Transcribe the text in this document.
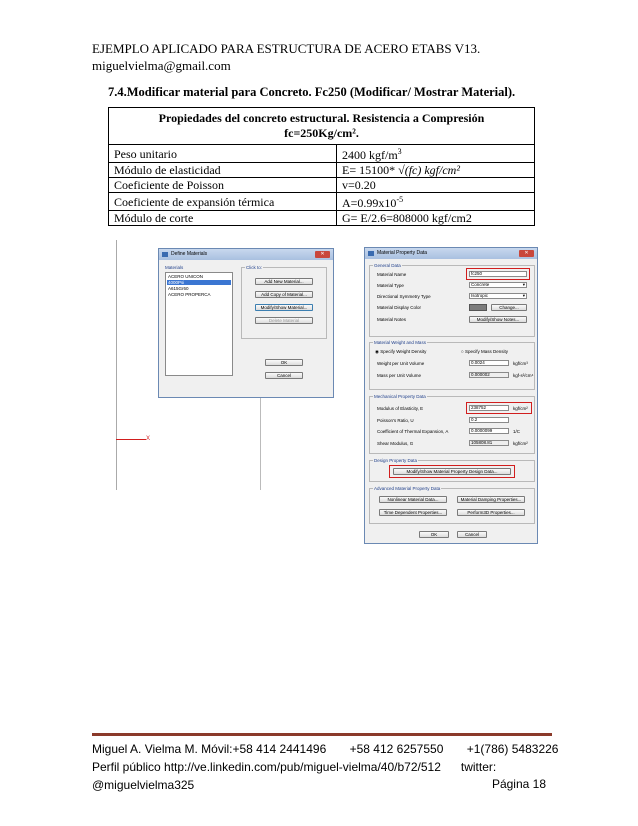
EJEMPLO APLICADO PARA ESTRUCTURA DE ACERO ETABS V13.
miguelvielma@gmail.com
7.4.Modificar material para Concreto. Fc250 (Modificar/ Mostrar Material).
Propiedades del concreto estructural. Resistencia a Compresión
fc=250Kg/cm².	
Peso unitario	2400 kgf/$m^3$
Módulo de elasticidad	E= 15100* √(fc) kgf/cm²
Coeficiente de Poisson	v=0.20
Coeficiente de expansión térmica	$A=0.99x10^{-5}$
Módulo de corte	G= E/2.6=808000 kgf/cm2
X
Define Materials	✕
Materials
ACERO UNICON
4000Psi
A615Gr60
ACERO PROPERCA
Click to:
Add New Material...
Add Copy of Material...
Modify/Show Material...
Delete Material
OK
Cancel
Material Property Data	✕
General Data
Material Name	fc250
Material Type	Concrete	▾
Directional Symmetry Type	Isotropic	▾
Material Display Color	Change...
Material Notes	Modify/Show Notes...
Material Weight and Mass
◉ Specify Weight Density	○ Specify Mass Density
Weight per Unit Volume	0.0024	kgf/cm³
Mass per Unit Volume	0.000002	kgf-s²/cm⁴
Mechanical Property Data
Modulus of Elasticity, E	238752	kgf/cm²
Poisson's Ratio, U	0.2
Coefficient of Thermal Expansion, A	0.0000099	1/C
Shear Modulus, G	105808.81	kgf/cm²
Design Property Data
Modify/Show Material Property Design Data...
Advanced Material Property Data
Nonlinear Material Data...	Material Damping Properties...
Time Dependent Properties...	Perform3D Properties...
OK	Cancel
Miguel A. Vielma M. Móvil:+58 414 2441496 +58 412 6257550 +1(786) 5483226
Perfil público http://ve.linkedin.com/pub/miguel-vielma/40/b72/512 twitter:
@miguelvielma325	Página 18
